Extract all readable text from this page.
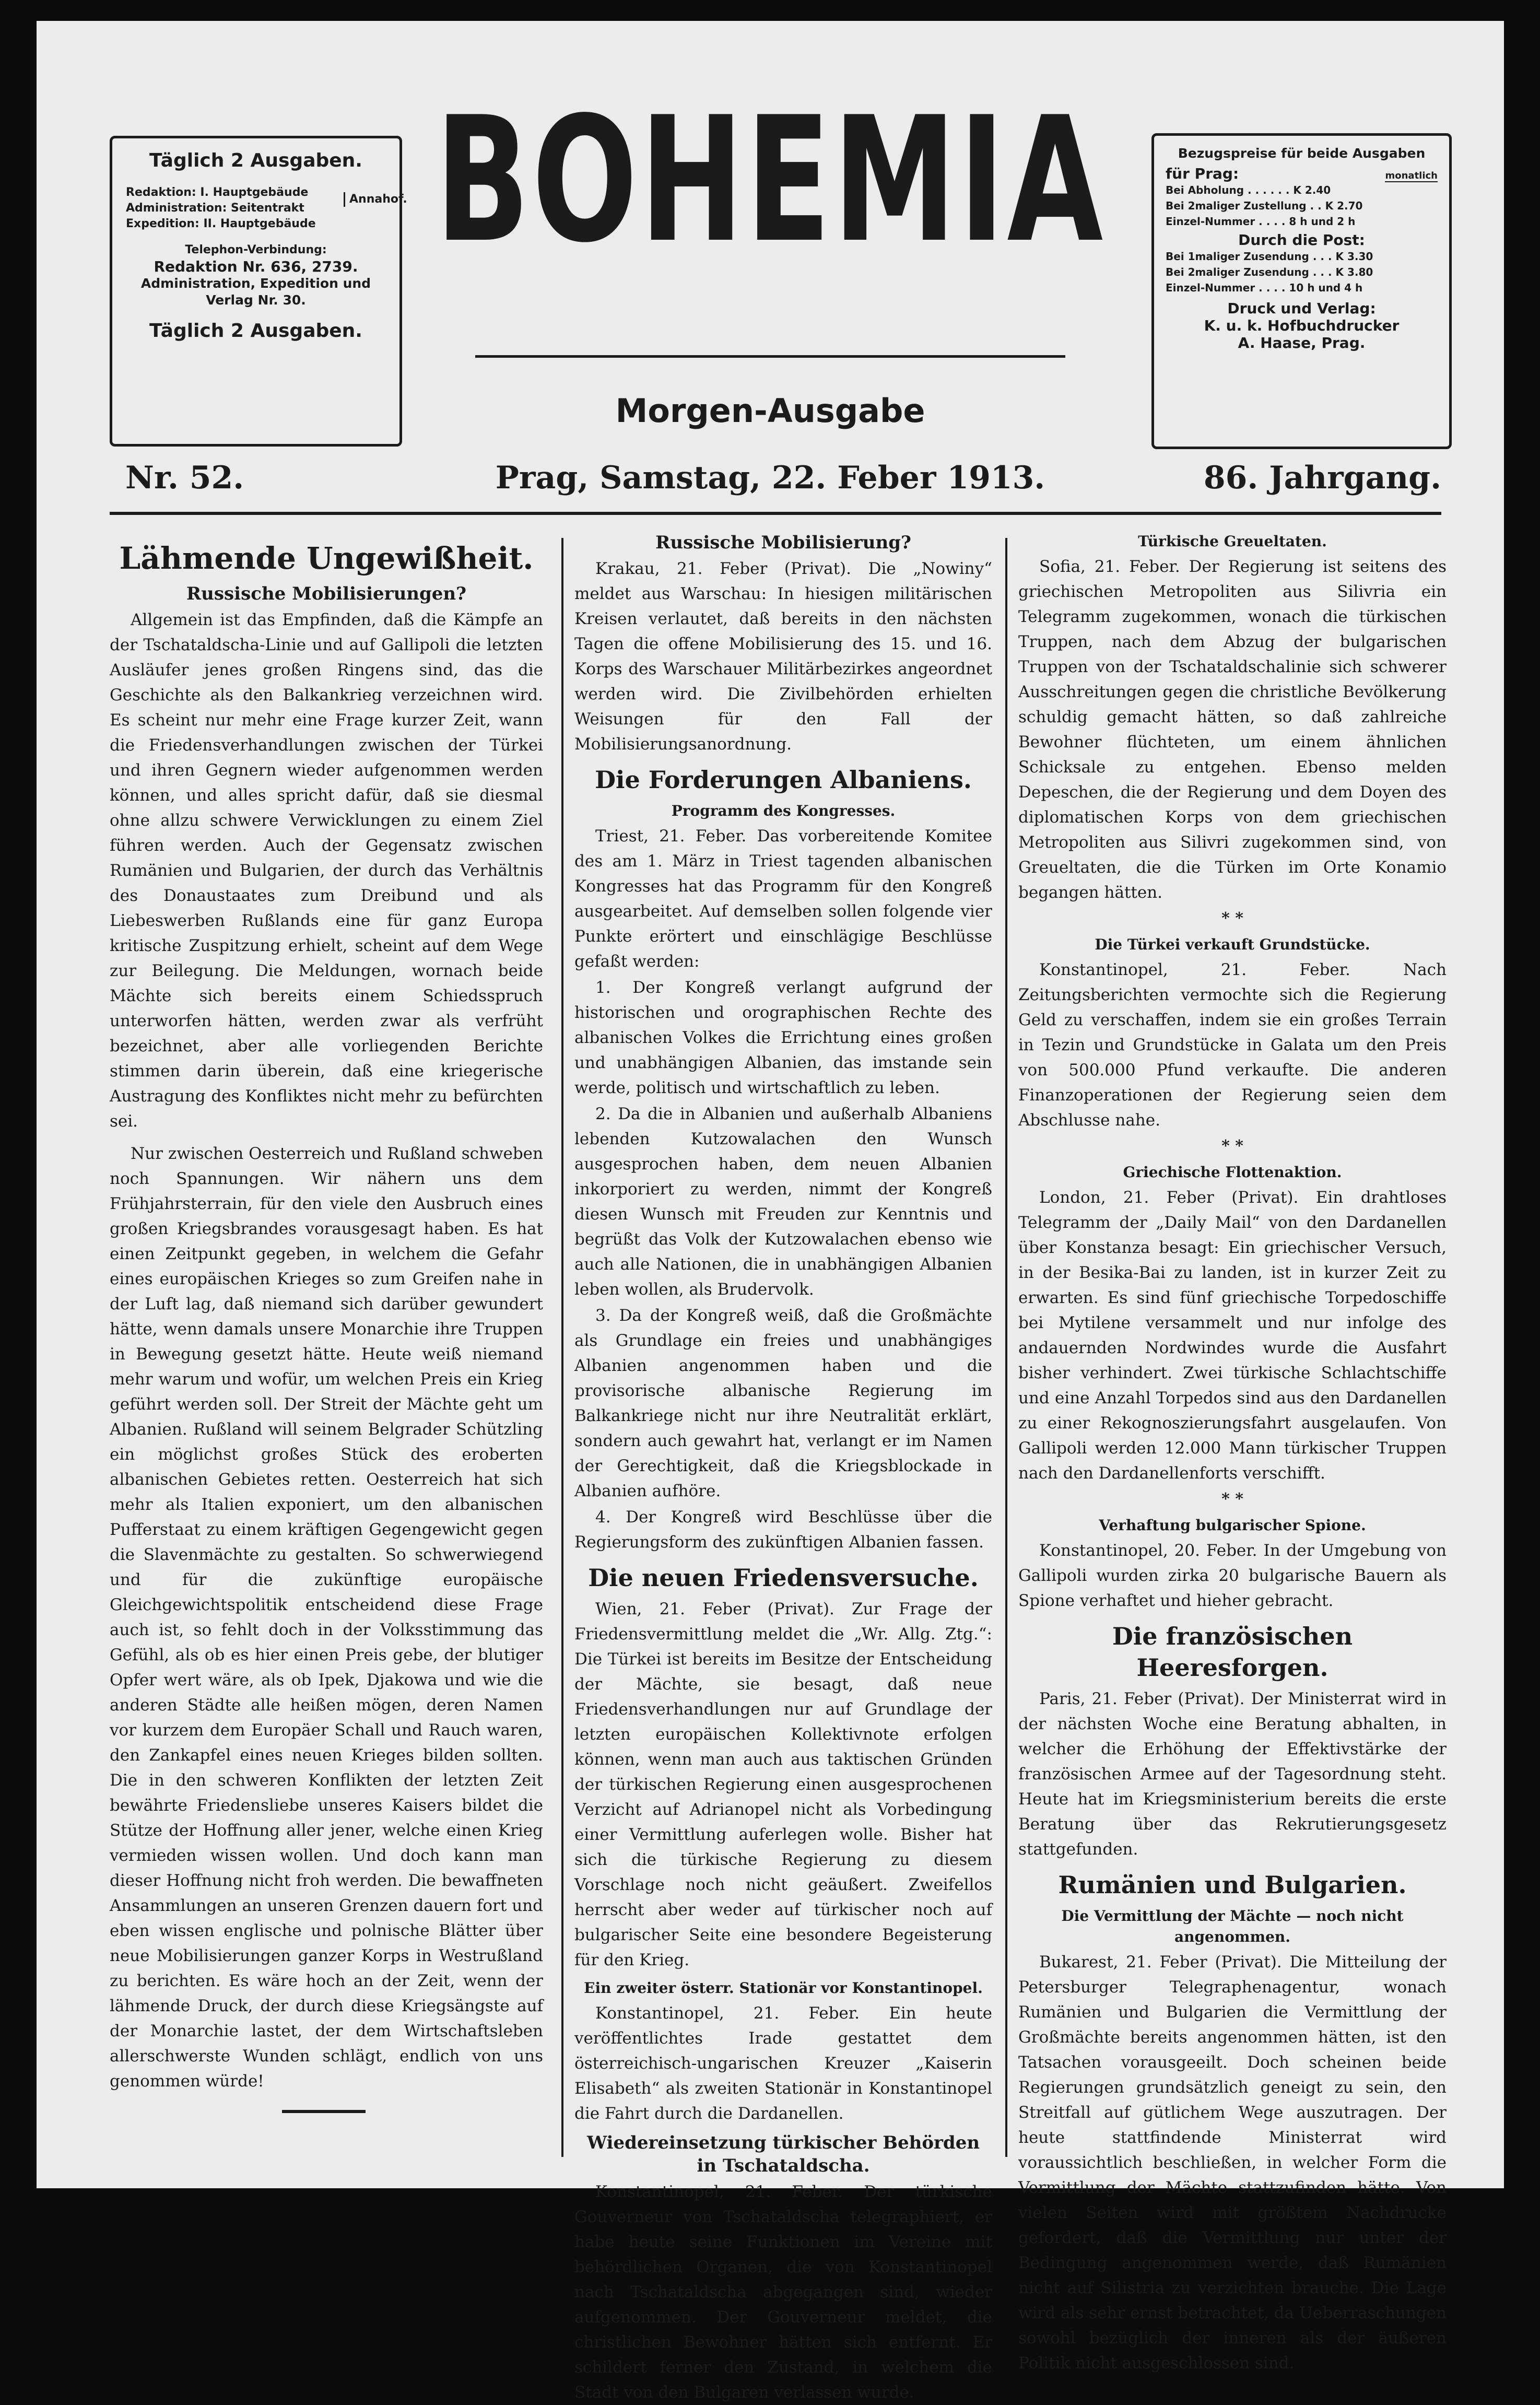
Täglich 2 Ausgaben.
Redaktion: I. Hauptgebäude
Administration: Seitentrakt
Expedition: II. Hauptgebäude
Annahof.
Telephon-Verbindung:
Redaktion Nr. 636, 2739.
Administration, Expedition und Verlag Nr. 30.
Täglich 2 Ausgaben.
BOHEMIA
Morgen-Ausgabe
Bezugspreise für beide Ausgaben
für Prag:	monatlich
Bei Abholung . . . . . . K 2.40
Bei 2maliger Zustellung . . K 2.70
Einzel-Nummer . . . . 8 h und 2 h
Durch die Post:
Bei 1maliger Zusendung . . . K 3.30
Bei 2maliger Zusendung . . . K 3.80
Einzel-Nummer . . . . 10 h und 4 h
Druck und Verlag:
K. u. k. Hofbuchdrucker
A. Haase, Prag.
Nr. 52.	Prag, Samstag, 22. Feber 1913.	86. Jahrgang.
Lähmende Ungewißheit.
Russische Mobilisierungen?

Allgemein ist das Empfinden, daß die Kämpfe an der Tschataldscha-Linie und auf Gallipoli die letzten Ausläufer jenes großen Ringens sind, das die Geschichte als den Balkankrieg verzeichnen wird. Es scheint nur mehr eine Frage kurzer Zeit, wann die Friedensverhandlungen zwischen der Türkei und ihren Gegnern wieder aufgenommen werden können, und alles spricht dafür, daß sie diesmal ohne allzu schwere Verwicklungen zu einem Ziel führen werden. Auch der Gegensatz zwischen Rumänien und Bulgarien, der durch das Verhältnis des Donaustaates zum Dreibund und als Liebeswerben Rußlands eine für ganz Europa kritische Zuspitzung erhielt, scheint auf dem Wege zur Beilegung. Die Meldungen, wornach beide Mächte sich bereits einem Schiedsspruch unterworfen hätten, werden zwar als verfrüht bezeichnet, aber alle vorliegenden Berichte stimmen darin überein, daß eine kriegerische Austragung des Konfliktes nicht mehr zu befürchten sei.

Nur zwischen Oesterreich und Rußland schweben noch Spannungen. Wir nähern uns dem Frühjahrsterrain, für den viele den Ausbruch eines großen Kriegsbrandes vorausgesagt haben. Es hat einen Zeitpunkt gegeben, in welchem die Gefahr eines europäischen Krieges so zum Greifen nahe in der Luft lag, daß niemand sich darüber gewundert hätte, wenn damals unsere Monarchie ihre Truppen in Bewegung gesetzt hätte. Heute weiß niemand mehr warum und wofür, um welchen Preis ein Krieg geführt werden soll. Der Streit der Mächte geht um Albanien. Rußland will seinem Belgrader Schützling ein möglichst großes Stück des eroberten albanischen Gebietes retten. Oesterreich hat sich mehr als Italien exponiert, um den albanischen Pufferstaat zu einem kräftigen Gegengewicht gegen die Slavenmächte zu gestalten. So schwerwiegend und für die zukünftige europäische Gleichgewichtspolitik entscheidend diese Frage auch ist, so fehlt doch in der Volksstimmung das Gefühl, als ob es hier einen Preis gebe, der blutiger Opfer wert wäre, als ob Ipek, Djakowa und wie die anderen Städte alle heißen mögen, deren Namen vor kurzem dem Europäer Schall und Rauch waren, den Zankapfel eines neuen Krieges bilden sollten. Die in den schweren Konflikten der letzten Zeit bewährte Friedensliebe unseres Kaisers bildet die Stütze der Hoffnung aller jener, welche einen Krieg vermieden wissen wollen. Und doch kann man dieser Hoffnung nicht froh werden. Die bewaffneten Ansammlungen an unseren Grenzen dauern fort und eben wissen englische und polnische Blätter über neue Mobilisierungen ganzer Korps in Westrußland zu berichten. Es wäre hoch an der Zeit, wenn der lähmende Druck, der durch diese Kriegsängste auf der Monarchie lastet, der dem Wirtschaftsleben allerschwerste Wunden schlägt, endlich von uns genommen würde!

Russische Mobilisierung?

Krakau, 21. Feber (Privat). Die „Nowiny“ meldet aus Warschau: In hiesigen militärischen Kreisen verlautet, daß bereits in den nächsten Tagen die offene Mobilisierung des 15. und 16. Korps des Warschauer Militärbezirkes angeordnet werden wird. Die Zivilbehörden erhielten Weisungen für den Fall der Mobilisierungsanordnung.

Die Forderungen Albaniens.
Programm des Kongresses.

Triest, 21. Feber. Das vorbereitende Komitee des am 1. März in Triest tagenden albanischen Kongresses hat das Programm für den Kongreß ausgearbeitet. Auf demselben sollen folgende vier Punkte erörtert und einschlägige Beschlüsse gefaßt werden:

1. Der Kongreß verlangt aufgrund der historischen und orographischen Rechte des albanischen Volkes die Errichtung eines großen und unabhängigen Albanien, das imstande sein werde, politisch und wirtschaftlich zu leben.

2. Da die in Albanien und außerhalb Albaniens lebenden Kutzowalachen den Wunsch ausgesprochen haben, dem neuen Albanien inkorporiert zu werden, nimmt der Kongreß diesen Wunsch mit Freuden zur Kenntnis und begrüßt das Volk der Kutzowalachen ebenso wie auch alle Nationen, die in unabhängigen Albanien leben wollen, als Brudervolk.

3. Da der Kongreß weiß, daß die Großmächte als Grundlage ein freies und unabhängiges Albanien angenommen haben und die provisorische albanische Regierung im Balkankriege nicht nur ihre Neutralität erklärt, sondern auch gewahrt hat, verlangt er im Namen der Gerechtigkeit, daß die Kriegsblockade in Albanien aufhöre.

4. Der Kongreß wird Beschlüsse über die Regierungsform des zukünftigen Albanien fassen.

Die neuen Friedensversuche.

Wien, 21. Feber (Privat). Zur Frage der Friedensvermittlung meldet die „Wr. Allg. Ztg.“: Die Türkei ist bereits im Besitze der Entscheidung der Mächte, sie besagt, daß neue Friedensverhandlungen nur auf Grundlage der letzten europäischen Kollektivnote erfolgen können, wenn man auch aus taktischen Gründen der türkischen Regierung einen ausgesprochenen Verzicht auf Adrianopel nicht als Vorbedingung einer Vermittlung auferlegen wolle. Bisher hat sich die türkische Regierung zu diesem Vorschlage noch nicht geäußert. Zweifellos herrscht aber weder auf türkischer noch auf bulgarischer Seite eine besondere Begeisterung für den Krieg.

Ein zweiter österr. Stationär vor Konstantinopel.

Konstantinopel, 21. Feber. Ein heute veröffentlichtes Irade gestattet dem österreichisch-ungarischen Kreuzer „Kaiserin Elisabeth“ als zweiten Stationär in Konstantinopel die Fahrt durch die Dardanellen.

Wiedereinsetzung türkischer Behörden in Tschataldscha.

Konstantinopel, 21. Feber. Der türkische Gouverneur von Tschataldscha telegraphiert, er habe heute seine Funktionen im Vereine mit behördlichen Organen, die von Konstantinopel nach Tschataldscha abgegangen sind, wieder aufgenommen. Der Gouverneur meldet, die christlichen Bewohner hätten sich entfernt. Er schildert ferner den Zustand, in welchem die Stadt von den Bulgaren verlassen wurde.

Türkische Greueltaten.

Sofia, 21. Feber. Der Regierung ist seitens des griechischen Metropoliten aus Silivria ein Telegramm zugekommen, wonach die türkischen Truppen, nach dem Abzug der bulgarischen Truppen von der Tschataldschalinie sich schwerer Ausschreitungen gegen die christliche Bevölkerung schuldig gemacht hätten, so daß zahlreiche Bewohner flüchteten, um einem ähnlichen Schicksale zu entgehen. Ebenso melden Depeschen, die der Regierung und dem Doyen des diplomatischen Korps von dem griechischen Metropoliten aus Silivri zugekommen sind, von Greueltaten, die die Türken im Orte Konamio begangen hätten.

* *
Die Türkei verkauft Grundstücke.

Konstantinopel, 21. Feber. Nach Zeitungsberichten vermochte sich die Regierung Geld zu verschaffen, indem sie ein großes Terrain in Tezin und Grundstücke in Galata um den Preis von 500.000 Pfund verkaufte. Die anderen Finanzoperationen der Regierung seien dem Abschlusse nahe.

* *
Griechische Flottenaktion.

London, 21. Feber (Privat). Ein drahtloses Telegramm der „Daily Mail“ von den Dardanellen über Konstanza besagt: Ein griechischer Versuch, in der Besika-Bai zu landen, ist in kurzer Zeit zu erwarten. Es sind fünf griechische Torpedoschiffe bei Mytilene versammelt und nur infolge des andauernden Nordwindes wurde die Ausfahrt bisher verhindert. Zwei türkische Schlachtschiffe und eine Anzahl Torpedos sind aus den Dardanellen zu einer Rekognoszierungsfahrt ausgelaufen. Von Gallipoli werden 12.000 Mann türkischer Truppen nach den Dardanellenforts verschifft.

* *
Verhaftung bulgarischer Spione.

Konstantinopel, 20. Feber. In der Umgebung von Gallipoli wurden zirka 20 bulgarische Bauern als Spione verhaftet und hieher gebracht.

Die französischen Heeresforgen.

Paris, 21. Feber (Privat). Der Ministerrat wird in der nächsten Woche eine Beratung abhalten, in welcher die Erhöhung der Effektivstärke der französischen Armee auf der Tagesordnung steht. Heute hat im Kriegsministerium bereits die erste Beratung über das Rekrutierungsgesetz stattgefunden.

Rumänien und Bulgarien.
Die Vermittlung der Mächte — noch nicht angenommen.

Bukarest, 21. Feber (Privat). Die Mitteilung der Petersburger Telegraphenagentur, wonach Rumänien und Bulgarien die Vermittlung der Großmächte bereits angenommen hätten, ist den Tatsachen vorausgeeilt. Doch scheinen beide Regierungen grundsätzlich geneigt zu sein, den Streitfall auf gütlichem Wege auszutragen. Der heute stattfindende Ministerrat wird voraussichtlich beschließen, in welcher Form die Vermittlung der Mächte stattzufinden hätte. Von vielen Seiten wird mit größtem Nachdrucke gefordert, daß die Vermittlung nur unter der Bedingung angenommen werde, daß Rumänien nicht auf Silistria zu verzichten brauche. Die Lage wird als sehr ernst betrachtet, da Ueberraschungen sowohl bezüglich der inneren als der äußeren Politik nicht ausgeschlossen sind.
